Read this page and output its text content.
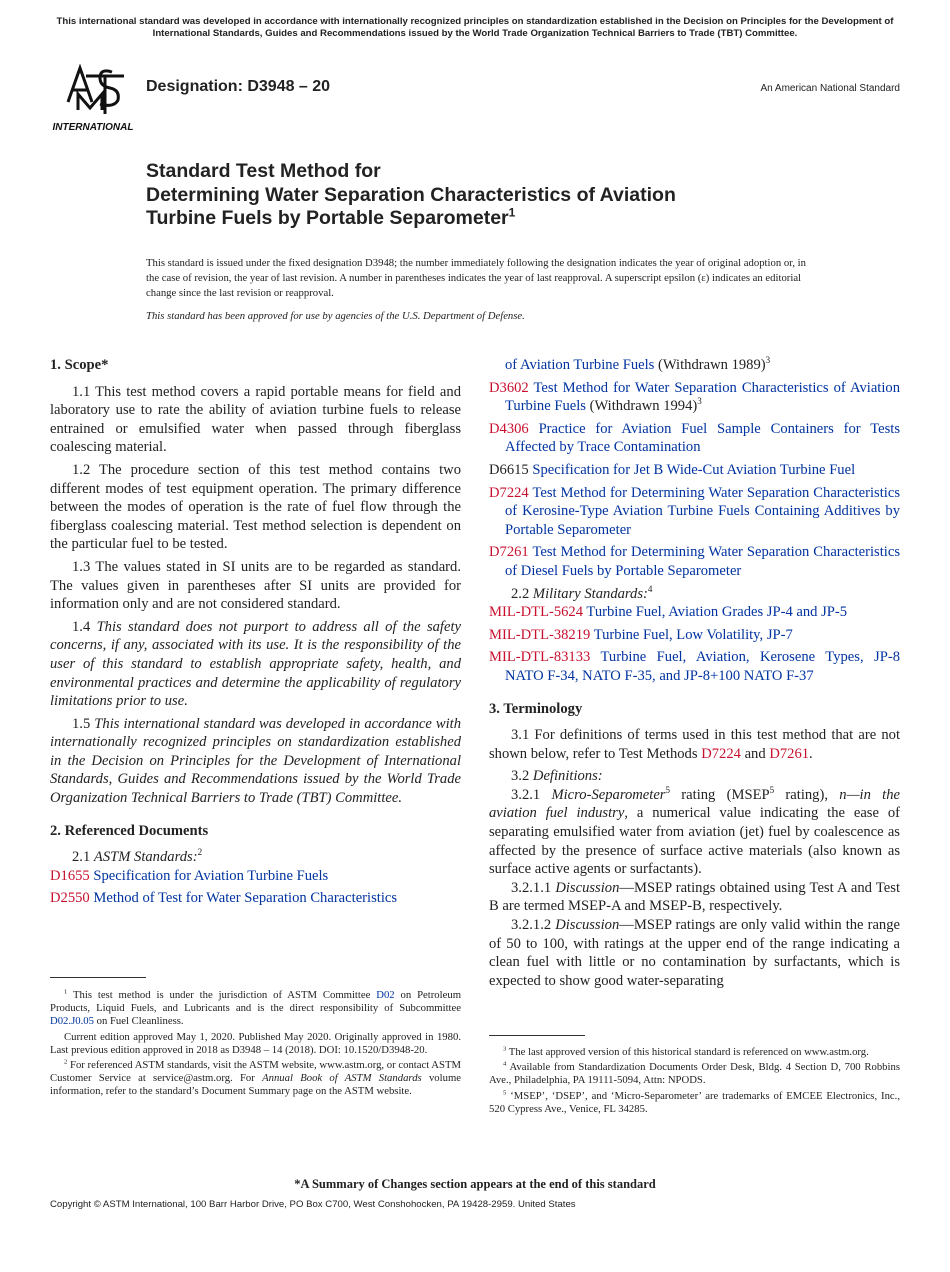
This international standard was developed in accordance with internationally recognized principles on standardization established in the Decision on Principles for the Development of International Standards, Guides and Recommendations issued by the World Trade Organization Technical Barriers to Trade (TBT) Committee.
INTERNATIONAL
Designation: D3948 – 20	An American National Standard
Standard Test Method for
Determining Water Separation Characteristics of Aviation
Turbine Fuels by Portable Separometer$^1$
This standard is issued under the fixed designation D3948; the number immediately following the designation indicates the year of original adoption or, in the case of revision, the year of last revision. A number in parentheses indicates the year of last reapproval. A superscript epsilon (ε) indicates an editorial change since the last revision or reapproval.
This standard has been approved for use by agencies of the U.S. Department of Defense.
1. Scope*

1.1 This test method covers a rapid portable means for field and laboratory use to rate the ability of aviation turbine fuels to release entrained or emulsified water when passed through fiberglass coalescing material.

1.2 The procedure section of this test method contains two different modes of test equipment operation. The primary difference between the modes of operation is the rate of fuel flow through the fiberglass coalescing material. Test method selection is dependent on the particular fuel to be tested.

1.3 The values stated in SI units are to be regarded as standard. The values given in parentheses after SI units are provided for information only and are not considered standard.

1.4 This standard does not purport to address all of the safety concerns, if any, associated with its use. It is the responsibility of the user of this standard to establish appropriate safety, health, and environmental practices and determine the applicability of regulatory limitations prior to use.

1.5 This international standard was developed in accordance with internationally recognized principles on standardization established in the Decision on Principles for the Development of International Standards, Guides and Recommendations issued by the World Trade Organization Technical Barriers to Trade (TBT) Committee.

2. Referenced Documents

2.1 ASTM Standards:$^2$

D1655 Specification for Aviation Turbine Fuels

D2550 Method of Test for Water Separation Characteristics

$^1$ This test method is under the jurisdiction of ASTM Committee D02 on Petroleum Products, Liquid Fuels, and Lubricants and is the direct responsibility of Subcommittee D02.J0.05 on Fuel Cleanliness.

Current edition approved May 1, 2020. Published May 2020. Originally approved in 1980. Last previous edition approved in 2018 as D3948 – 14 (2018). DOI: 10.1520/D3948-20.

$^2$ For referenced ASTM standards, visit the ASTM website, www.astm.org, or contact ASTM Customer Service at service@astm.org. For Annual Book of ASTM Standards volume information, refer to the standard’s Document Summary page on the ASTM website.

of Aviation Turbine Fuels (Withdrawn 1989)$^3$

D3602 Test Method for Water Separation Characteristics of Aviation Turbine Fuels (Withdrawn 1994)$^3$

D4306 Practice for Aviation Fuel Sample Containers for Tests Affected by Trace Contamination

D6615 Specification for Jet B Wide-Cut Aviation Turbine Fuel

D7224 Test Method for Determining Water Separation Characteristics of Kerosine-Type Aviation Turbine Fuels Containing Additives by Portable Separometer

D7261 Test Method for Determining Water Separation Characteristics of Diesel Fuels by Portable Separometer

2.2 Military Standards:$^4$

MIL-DTL-5624 Turbine Fuel, Aviation Grades JP-4 and JP-5

MIL-DTL-38219 Turbine Fuel, Low Volatility, JP-7

MIL-DTL-83133 Turbine Fuel, Aviation, Kerosene Types, JP-8 NATO F-34, NATO F-35, and JP-8+100 NATO F-37

3. Terminology

3.1 For definitions of terms used in this test method that are not shown below, refer to Test Methods D7224 and D7261.

3.2 Definitions:

3.2.1 Micro-Separometer$^5$ rating (MSEP$^5$ rating), n—in the aviation fuel industry, a numerical value indicating the ease of separating emulsified water from aviation (jet) fuel by coalescence as affected by the presence of surface active materials (also known as surface active agents or surfactants).

3.2.1.1 Discussion—MSEP ratings obtained using Test A and Test B are termed MSEP-A and MSEP-B, respectively.

3.2.1.2 Discussion—MSEP ratings are only valid within the range of 50 to 100, with ratings at the upper end of the range indicating a clean fuel with little or no contamination by surfactants, which is expected to show good water-separating

$^3$ The last approved version of this historical standard is referenced on www.astm.org.

$^4$ Available from Standardization Documents Order Desk, Bldg. 4 Section D, 700 Robbins Ave., Philadelphia, PA 19111-5094, Attn: NPODS.

$^5$ ‘MSEP’, ‘DSEP’, and ‘Micro-Separometer’ are trademarks of EMCEE Electronics, Inc., 520 Cypress Ave., Venice, FL 34285.

*A Summary of Changes section appears at the end of this standard
Copyright © ASTM International, 100 Barr Harbor Drive, PO Box C700, West Conshohocken, PA 19428-2959. United States
